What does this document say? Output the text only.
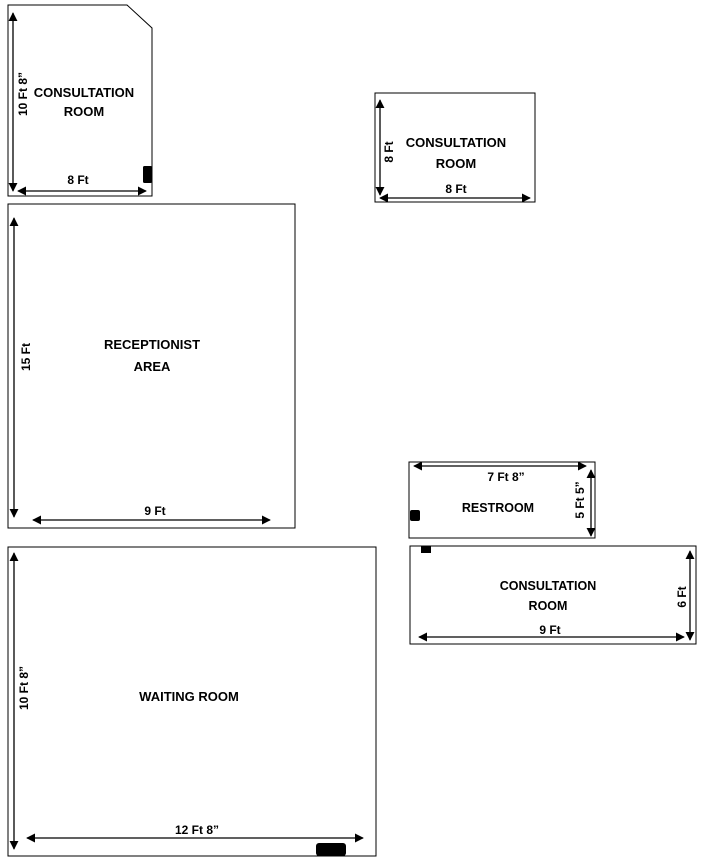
10 Ft 8”
8 Ft
CONSULTATION
ROOM
8 Ft
8 Ft
CONSULTATION
ROOM
15 Ft
9 Ft
RECEPTIONIST
AREA
7 Ft 8”
5 Ft 5”
RESTROOM
6 Ft
9 Ft
CONSULTATION
ROOM
10 Ft 8”
12 Ft 8”
WAITING ROOM
